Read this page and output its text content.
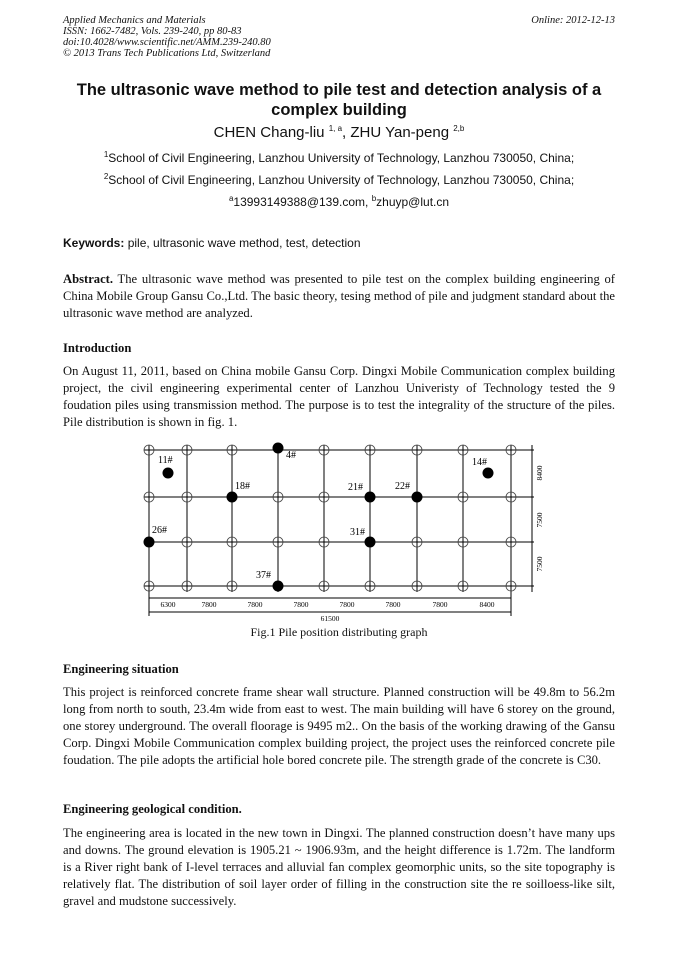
Applied Mechanics and Materials
ISSN: 1662-7482, Vols. 239-240, pp 80-83
doi:10.4028/www.scientific.net/AMM.239-240.80
© 2013 Trans Tech Publications Ltd, Switzerland
Online: 2012-12-13
The ultrasonic wave method to pile test and detection analysis of a
complex building
CHEN Chang-liu $^{1, a}$, ZHU Yan-peng $^{2,b}$
$^1$School of Civil Engineering, Lanzhou University of Technology, Lanzhou 730050, China;
$^2$School of Civil Engineering, Lanzhou University of Technology, Lanzhou 730050, China;
$^a$13993149388@139.com, $^b$zhuyp@lut.cn
Keywords: pile, ultrasonic wave method, test, detection
Abstract. The ultrasonic wave method was presented to pile test on the complex building engineering of China Mobile Group Gansu Co.,Ltd. The basic theory, tesing method of pile and judgment standard about the ultrasonic wave method are analyzed.
Introduction
On August 11, 2011, based on China mobile Gansu Corp. Dingxi Mobile Communication complex building project, the civil engineering experimental center of Lanzhou Univeristy of Technology tested the 9 foudation piles using transmission method. The purpose is to test the integrality of the structure of the piles. Pile distribution is shown in fig. 1.
11#	4#
14#
18#	21#	22#
26#	31#
37#
6300	7800	7800	7800	7800	7800	7800	8400
61500
8400
7500
7500
Fig.1 Pile position distributing graph
Engineering situation
This project is reinforced concrete frame shear wall structure. Planned construction will be 49.8m to 56.2m long from north to south, 23.4m wide from east to west. The main building will have 6 storey on the ground, one storey underground. The overall floorage is 9495 m2.. On the basis of the working drawing of the Gansu Corp. Dingxi Mobile Communication complex building project, the project uses the reinforced concrete pile foudation. The pile adopts the artificial hole bored concrete pile. The strength grade of the concrete is C30.
Engineering geological condition.
The engineering area is located in the new town in Dingxi. The planned construction doesn’t have many ups and downs. The ground elevation is 1905.21 ~ 1906.93m, and the height difference is 1.72m. The landform is a River right bank of I-level terraces and alluvial fan complex geomorphic units, so the site topography is relatively flat. The distribution of soil layer order of filling in the construction site the re soilloess-like silt, gravel and mudstone successively.
